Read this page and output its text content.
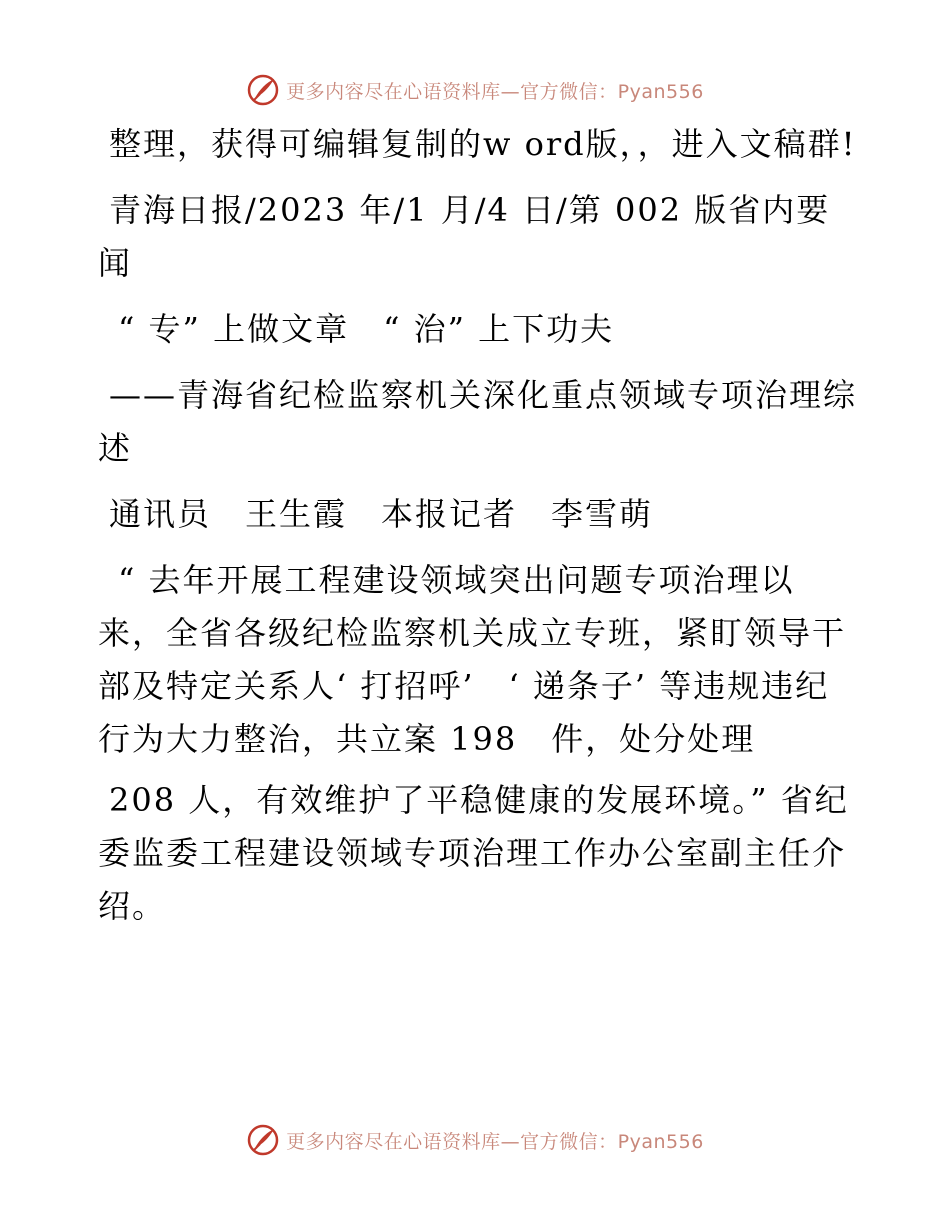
更多内容尽在心语资料库—官方微信：Pyan556

整理，获得可编辑复制的w ord版，，进入文稿群!

青海日报/2023 年/1 月/4 日/第 002 版省内要闻

“ 专” 上做文章　“ 治” 上下功夫

——青海省纪检监察机关深化重点领域专项治理综述

通讯员　王生霞　本报记者　李雪萌

“ 去年开展工程建设领域突出问题专项治理以来，全省各级纪检监察机关成立专班，紧盯领导干部及特定关系人‘ 打招呼’　‘ 递条子’ 等违规违纪行为大力整治，共立案 198　件，处分处理

208 人，有效维护了平稳健康的发展环境。” 省纪委监委工程建设领域专项治理工作办公室副主任介绍。

更多内容尽在心语资料库—官方微信：Pyan556
